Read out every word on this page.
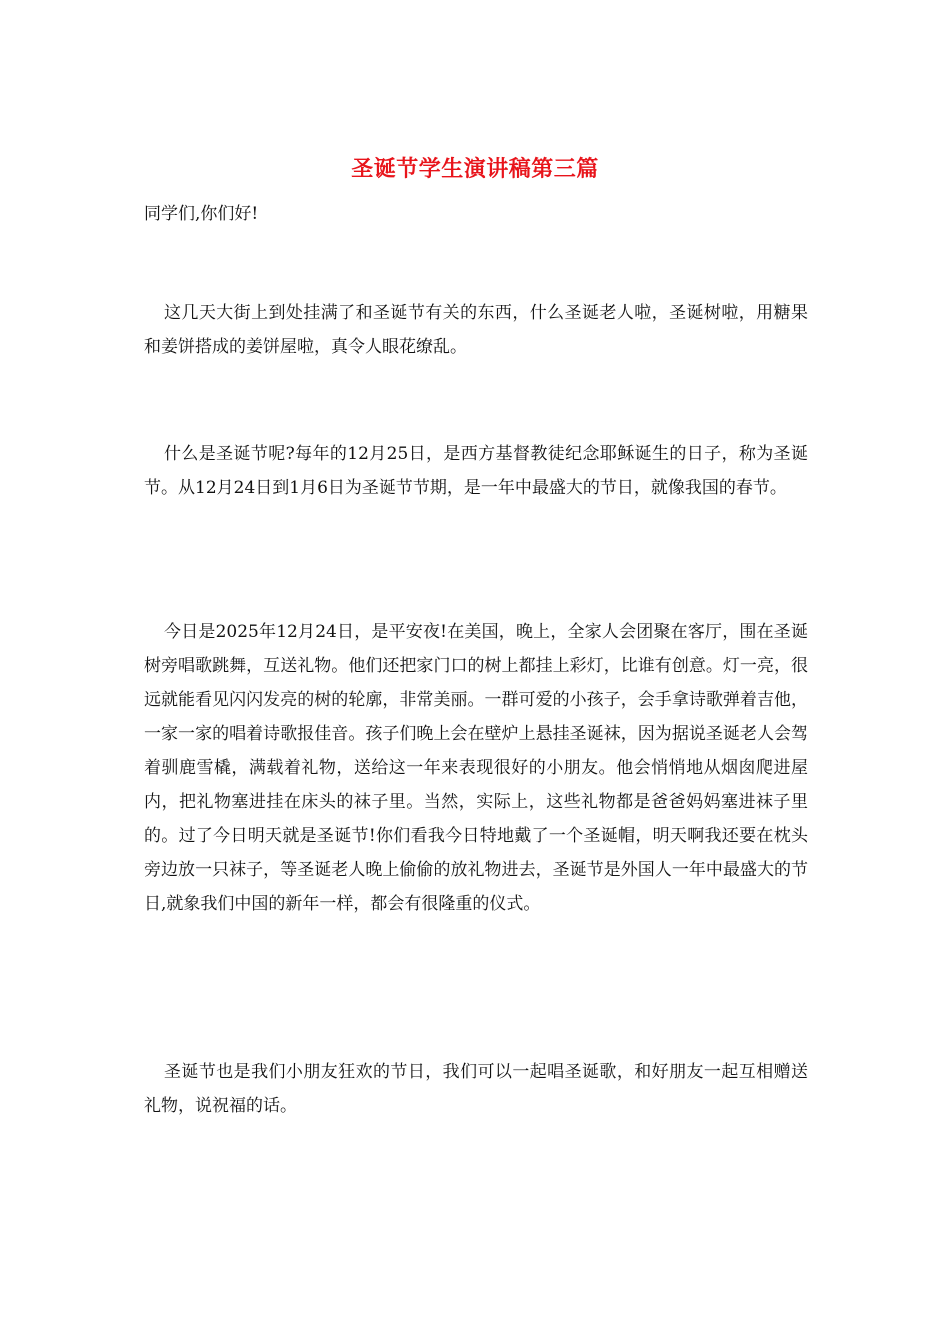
圣诞节学生演讲稿第三篇

同学们,你们好!

这几天大街上到处挂满了和圣诞节有关的东西，什么圣诞老人啦，圣诞树啦，用糖果和姜饼搭成的姜饼屋啦，真令人眼花缭乱。

什么是圣诞节呢?每年的12月25日，是西方基督教徒纪念耶稣诞生的日子，称为圣诞节。从12月24日到1月6日为圣诞节节期，是一年中最盛大的节日，就像我国的春节。

今日是2025年12月24日，是平安夜!在美国，晚上，全家人会团聚在客厅，围在圣诞树旁唱歌跳舞，互送礼物。他们还把家门口的树上都挂上彩灯，比谁有创意。灯一亮，很远就能看见闪闪发亮的树的轮廓，非常美丽。一群可爱的小孩子，会手拿诗歌弹着吉他，一家一家的唱着诗歌报佳音。孩子们晚上会在壁炉上悬挂圣诞袜，因为据说圣诞老人会驾着驯鹿雪橇，满载着礼物，送给这一年来表现很好的小朋友。他会悄悄地从烟囱爬进屋内，把礼物塞进挂在床头的袜子里。当然，实际上，这些礼物都是爸爸妈妈塞进袜子里的。过了今日明天就是圣诞节!你们看我今日特地戴了一个圣诞帽，明天啊我还要在枕头旁边放一只袜子，等圣诞老人晚上偷偷的放礼物进去，圣诞节是外国人一年中最盛大的节日,就象我们中国的新年一样，都会有很隆重的仪式。

圣诞节也是我们小朋友狂欢的节日，我们可以一起唱圣诞歌，和好朋友一起互相赠送礼物，说祝福的话。
